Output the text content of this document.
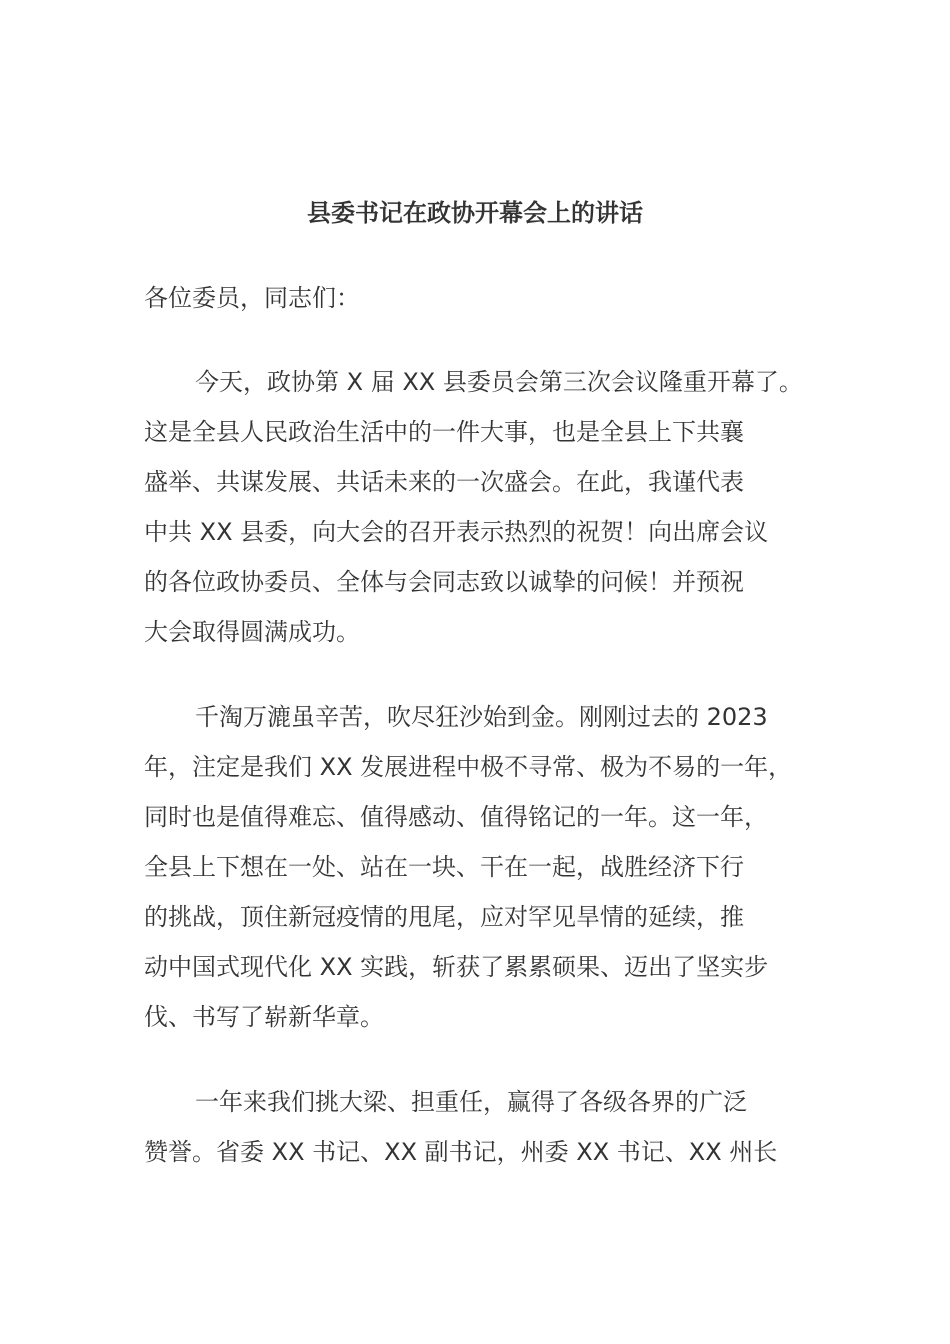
县委书记在政协开幕会上的讲话
各位委员，同志们：
今天，政协第 X 届 XX 县委员会第三次会议隆重开幕了。
这是全县人民政治生活中的一件大事，也是全县上下共襄
盛举、共谋发展、共话未来的一次盛会。在此，我谨代表
中共 XX 县委，向大会的召开表示热烈的祝贺！向出席会议
的各位政协委员、全体与会同志致以诚挚的问候！并预祝
大会取得圆满成功。
千淘万漉虽辛苦，吹尽狂沙始到金。刚刚过去的 2023
年，注定是我们 XX 发展进程中极不寻常、极为不易的一年，
同时也是值得难忘、值得感动、值得铭记的一年。这一年，
全县上下想在一处、站在一块、干在一起，战胜经济下行
的挑战，顶住新冠疫情的甩尾，应对罕见旱情的延续，推
动中国式现代化 XX 实践，斩获了累累硕果、迈出了坚实步
伐、书写了崭新华章。
一年来我们挑大梁、担重任，赢得了各级各界的广泛
赞誉。省委 XX 书记、XX 副书记，州委 XX 书记、XX 州长
